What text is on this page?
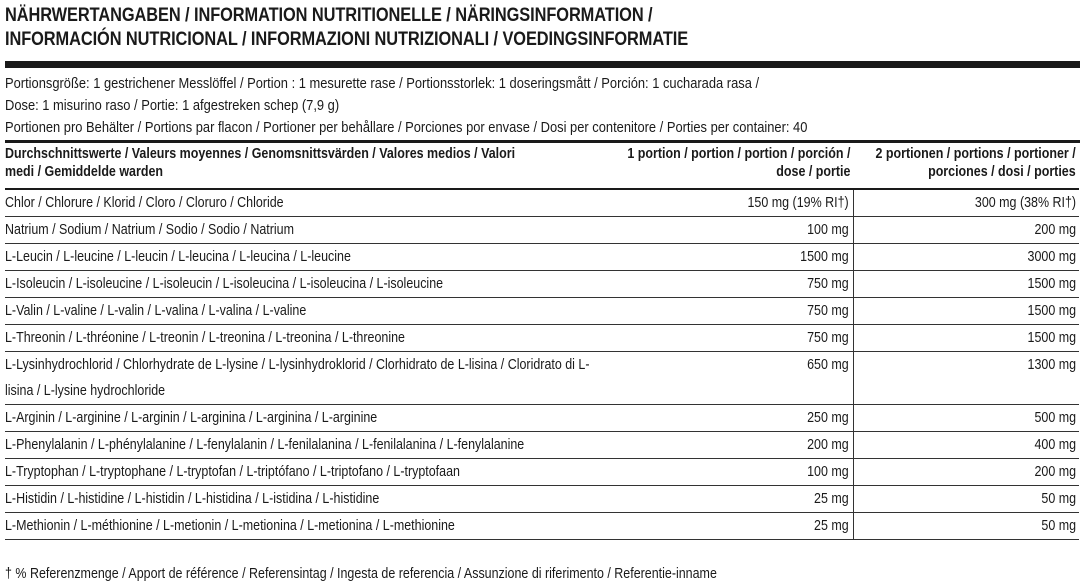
NÄHRWERTANGABEN / INFORMATION NUTRITIONELLE / NÄRINGSINFORMATION /
INFORMACIÓN NUTRICIONAL / INFORMAZIONI NUTRIZIONALI / VOEDINGSINFORMATIE
Portionsgröße: 1 gestrichener Messlöffel / Portion : 1 mesurette rase / Portionsstorlek: 1 doseringsmått / Porción: 1 cucharada rasa /
Dose: 1 misurino raso / Portie: 1 afgestreken schep (7,9 g)
Portionen pro Behälter / Portions par flacon / Portioner per behållare / Porciones por envase / Dosi per contenitore / Porties per container: 40
Durchschnittswerte / Valeurs moyennes / Genomsnittsvärden / Valores medios / Valori medi / Gemiddelde warden	1 portion / portion / portion / porción / dose / portie	2 portionen / portions / portioner / porciones / dosi / porties

Chlor / Chlorure / Klorid / Cloro / Cloruro / Chloride	150 mg (19% RI†)	300 mg (38% RI†)

Natrium / Sodium / Natrium / Sodio / Sodio / Natrium	100 mg	200 mg

L-Leucin / L-leucine / L-leucin / L-leucina / L-leucina / L-leucine	1500 mg	3000 mg

L-Isoleucin / L-isoleucine / L-isoleucin / L-isoleucina / L-isoleucina / L-isoleucine	750 mg	1500 mg

L-Valin / L-valine / L-valin / L-valina / L-valina / L-valine	750 mg	1500 mg

L-Threonin / L-thréonine / L-treonin / L-treonina / L-treonina / L-threonine	750 mg	1500 mg

L-Lysinhydrochlorid / Chlorhydrate de L-lysine / L-lysinhydroklorid / Clorhidrato de L-lisina / Cloridrato di L-lisina / L-lysine hydrochloride	650 mg	1300 mg

L-Arginin / L-arginine / L-arginin / L-arginina / L-arginina / L-arginine	250 mg	500 mg

L-Phenylalanin / L-phénylalanine / L-fenylalanin / L-fenilalanina / L-fenilalanina / L-fenylalanine	200 mg	400 mg

L-Tryptophan / L-tryptophane / L-tryptofan / L-triptófano / L-triptofano / L-tryptofaan	100 mg	200 mg

L-Histidin / L-histidine / L-histidin / L-histidina / L-istidina / L-histidine	25 mg	50 mg

L-Methionin / L-méthionine / L-metionin / L-metionina / L-metionina / L-methionine	25 mg	50 mg
† % Referenzmenge / Apport de référence / Referensintag / Ingesta de referencia / Assunzione di riferimento / Referentie-inname
